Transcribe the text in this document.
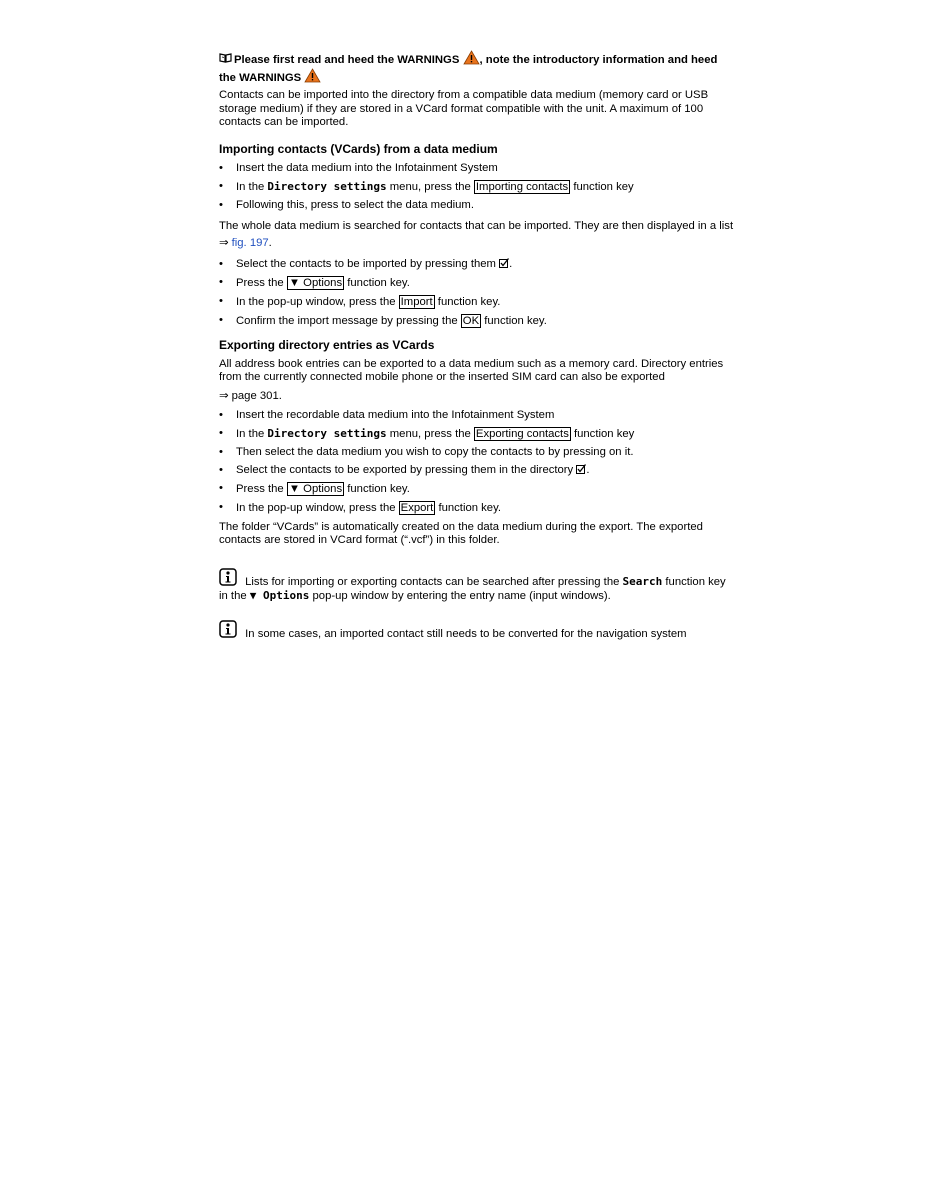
Please first read and heed the WARNINGS , note the introductory information and heed
the WARNINGS

Contacts can be imported into the directory from a compatible data medium (memory card or USB storage medium) if they are stored in a VCard format compatible with the unit. A maximum of 100 contacts can be imported.

Importing contacts (VCards) from a data medium
• Insert the data medium into the Infotainment System
• In the Directory settings menu, press the Importing contacts function key
• Following this, press to select the data medium.

The whole data medium is searched for contacts that can be imported. They are then displayed in a list ⇒ fig. 197.

• Select the contacts to be imported by pressing them .
• Press the ▼ Options function key.
• In the pop-up window, press the Import function key.
• Confirm the import message by pressing the OK function key.
Exporting directory entries as VCards

All address book entries can be exported to a data medium such as a memory card. Directory entries from the currently connected mobile phone or the inserted SIM card can also be exported

⇒ page 301.

• Insert the recordable data medium into the Infotainment System
• In the Directory settings menu, press the Exporting contacts function key
• Then select the data medium you wish to copy the contacts to by pressing on it.
• Select the contacts to be exported by pressing them in the directory .
• Press the ▼ Options function key.
• In the pop-up window, press the Export function key.

The folder “VCards” is automatically created on the data medium during the export. The exported contacts are stored in VCard format (“.vcf”) in this folder.

Lists for importing or exporting contacts can be searched after pressing the Search function key in the ▼ Options pop-up window by entering the entry name (input windows).

In some cases, an imported contact still needs to be converted for the navigation system
